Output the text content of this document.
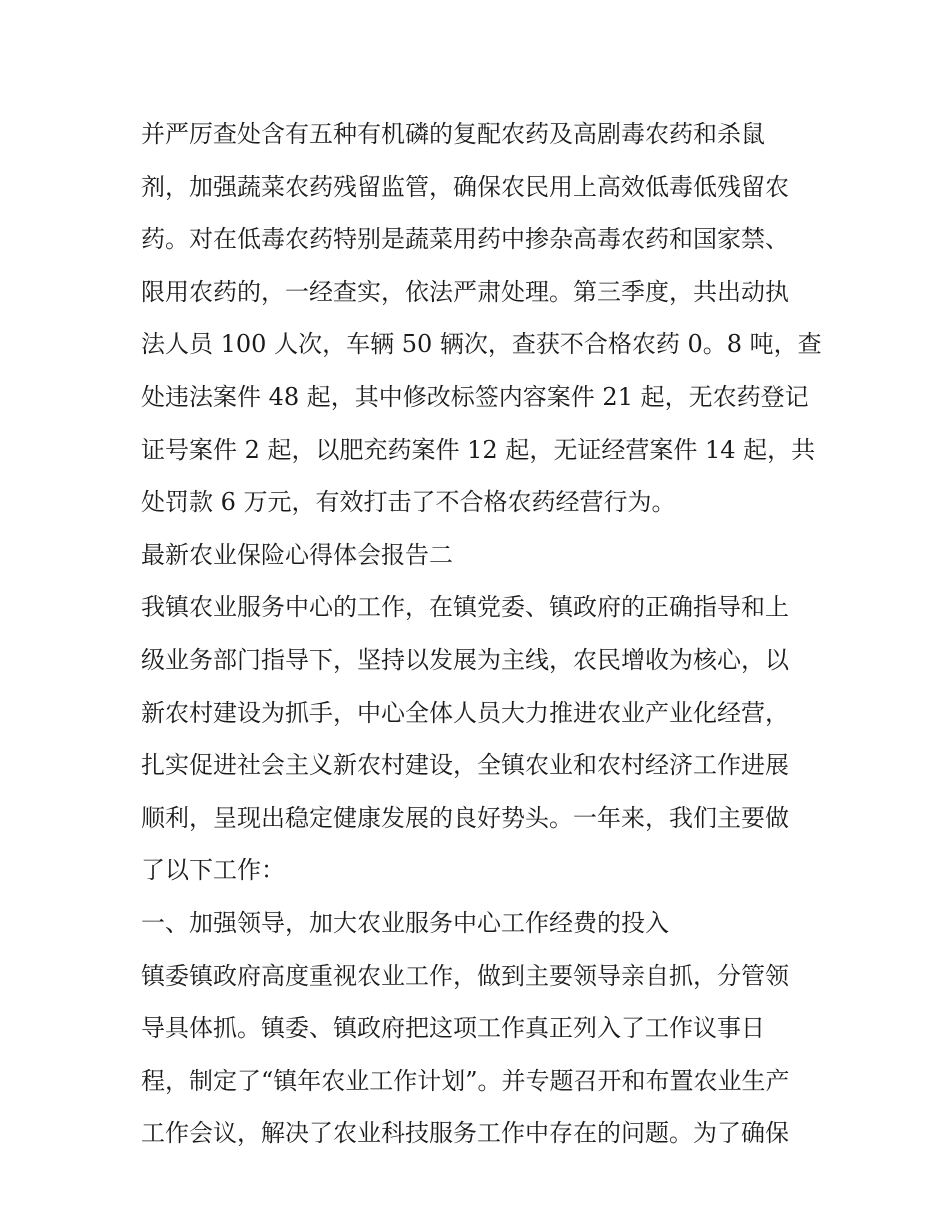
并严厉查处含有五种有机磷的复配农药及高剧毒农药和杀鼠
剂，加强蔬菜农药残留监管，确保农民用上高效低毒低残留农
药。对在低毒农药特别是蔬菜用药中掺杂高毒农药和国家禁、
限用农药的，一经查实，依法严肃处理。第三季度，共出动执
法人员 100 人次，车辆 50 辆次，查获不合格农药 0。8 吨，查
处违法案件 48 起，其中修改标签内容案件 21 起，无农药登记
证号案件 2 起，以肥充药案件 12 起，无证经营案件 14 起，共
处罚款 6 万元，有效打击了不合格农药经营行为。
最新农业保险心得体会报告二
我镇农业服务中心的工作，在镇党委、镇政府的正确指导和上
级业务部门指导下，坚持以发展为主线，农民增收为核心，以
新农村建设为抓手，中心全体人员大力推进农业产业化经营，
扎实促进社会主义新农村建设，全镇农业和农村经济工作进展
顺利，呈现出稳定健康发展的良好势头。一年来，我们主要做
了以下工作：
一、加强领导，加大农业服务中心工作经费的投入
镇委镇政府高度重视农业工作，做到主要领导亲自抓，分管领
导具体抓。镇委、镇政府把这项工作真正列入了工作议事日
程，制定了“镇年农业工作计划”。并专题召开和布置农业生产
工作会议，解决了农业科技服务工作中存在的问题。为了确保
